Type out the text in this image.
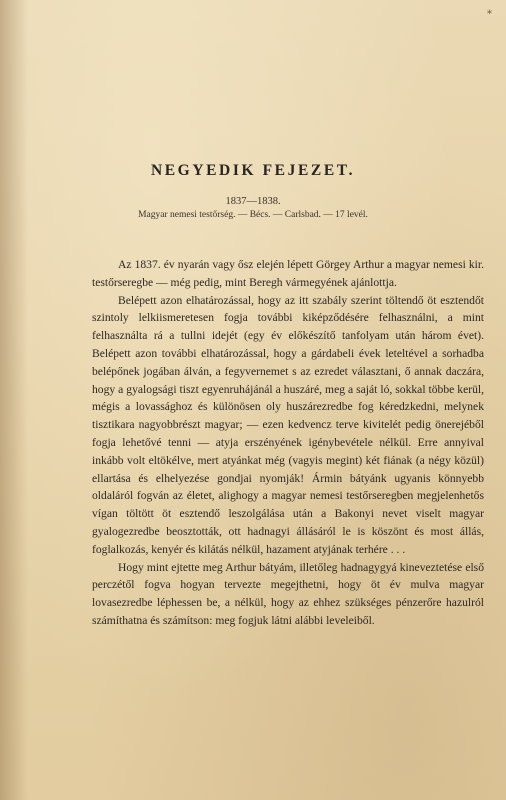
*
NEGYEDIK FEJEZET.
1837—1838.
Magyar nemesi testőrség. — Bécs. — Carlsbad. — 17 levél.

Az 1837. év nyarán vagy ősz elején lépett Görgey Arthur a magyar nemesi kir. testőrseregbe — még pedig, mint Beregh vármegyének ajánlottja.

Belépett azon elhatározással, hogy az itt szabály szerint töltendő öt esztendőt szintoly lelkiismeretesen fogja további kiképződésére felhasználni, a mint felhasználta rá a tullni idejét (egy év előkészítő tanfolyam után három évet). Belépett azon további elhatározással, hogy a gárdabeli évek leteltével a sorhadba belépőnek jogában álván, a fegyvernemet s az ezredet választani, ő annak daczára, hogy a gyalogsági tiszt egyenruhájánál a huszáré, meg a saját ló, sokkal többe kerül, mégis a lovassághoz és különösen oly huszárezredbe fog kéredzkedni, melynek tisztikara nagyobbrészt magyar; — ezen kedvencz terve kivitelét pedig önerejéből fogja lehetővé tenni — atyja erszényének igénybevétele nélkül. Erre annyival inkább volt eltökélve, mert atyánkat még (vagyis megint) két fiának (a négy közül) ellartása és elhelyezése gondjai nyomják! Ármin bátyánk ugyanis könnyebb oldaláról fogván az életet, alighogy a magyar nemesi testőrseregben megjelenhetős vígan töltött öt esztendő leszolgálása után a Bakonyi nevet viselt magyar gyalogezredbe beosztották, ott hadnagyi állásáról le is köszönt és most állás, foglalkozás, kenyér és kilátás nélkül, hazament atyjának terhére . . .

Hogy mint ejtette meg Arthur bátyám, illetőleg hadnagygyá kineveztetése első perczétől fogva hogyan tervezte megejthetni, hogy öt év mulva magyar lovasezredbe léphessen be, a nélkül, hogy az ehhez szükséges pénzerőre hazulról számíthatna és számítson: meg fogjuk látni alábbi leveleiből.
